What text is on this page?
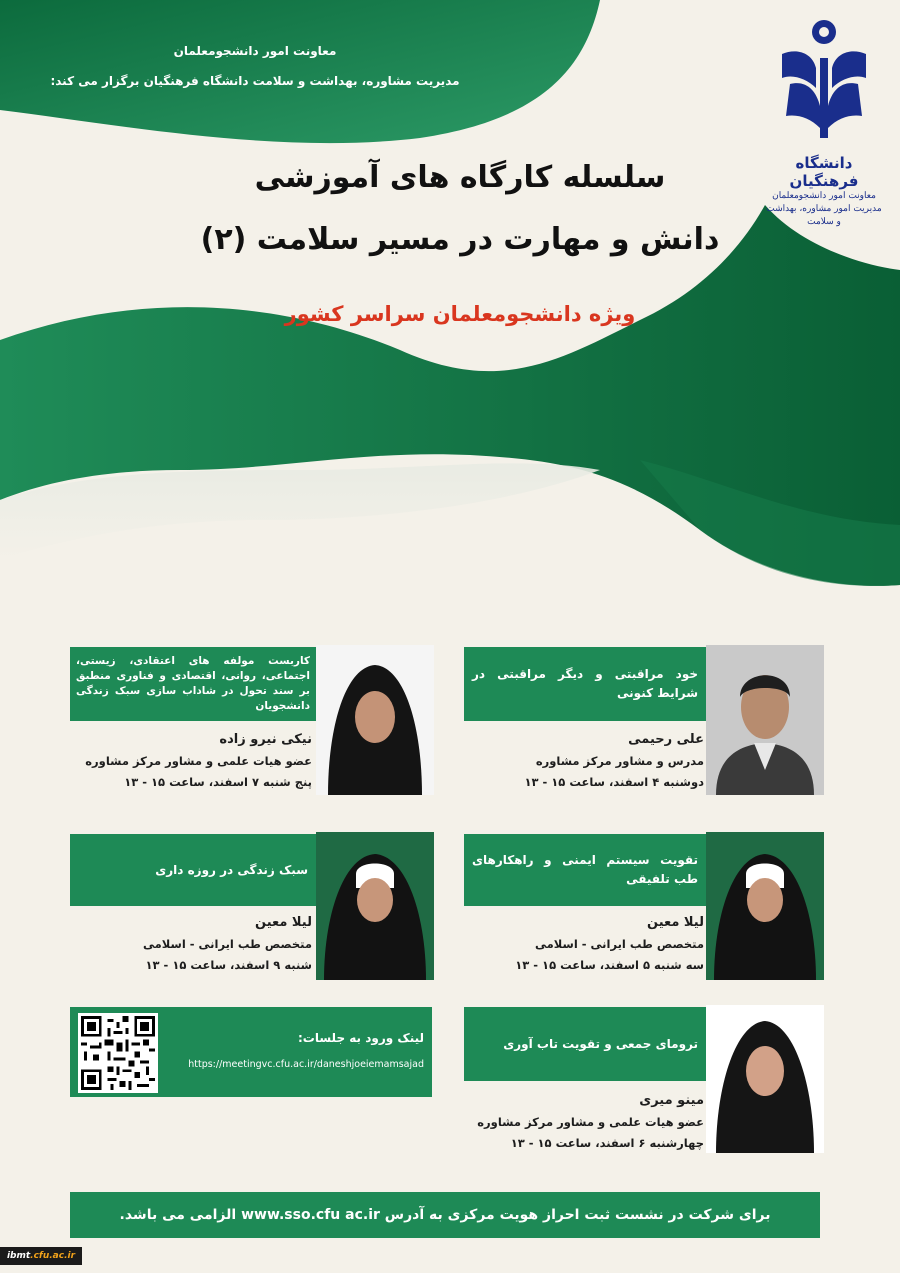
معاونت امور دانشجومعلمان
مدیریت مشاوره، بهداشت و سلامت دانشگاه فرهنگیان برگزار می کند:
دانشگاه فرهنگیان
معاونت امور دانشجومعلمان
مدیریت امور مشاوره، بهداشت و سلامت
سلسله کارگاه های آموزشی
دانش و مهارت در مسیر سلامت (۲)
ویژه دانشجومعلمان سراسر کشور
خود مراقبتی و دیگر مراقبتی در شرایط کنونی
علی رحیمی
مدرس و مشاور مرکز مشاوره
دوشنبه ۴ اسفند، ساعت ۱۵ - ۱۳
کاربست مولفه های اعتقادی، زیستی، اجتماعی، روانی، اقتصادی و فناوری منطبق بر سند تحول در شاداب سازی سبک زندگی دانشجویان
نیکی نیرو زاده
عضو هیات علمی و مشاور مرکز مشاوره
پنج شنبه ۷ اسفند، ساعت ۱۵ - ۱۳
تقویت سیستم ایمنی و راهکارهای طب تلفیقی
لیلا معین
متخصص طب ایرانی - اسلامی
سه شنبه ۵ اسفند، ساعت ۱۵ - ۱۳
سبک زندگی در روزه داری
لیلا معین
متخصص طب ایرانی - اسلامی
شنبه ۹ اسفند، ساعت ۱۵ - ۱۳
ترومای جمعی و تقویت تاب آوری
مینو میری
عضو هیات علمی و مشاور مرکز مشاوره
چهارشنبه ۶ اسفند، ساعت ۱۵ - ۱۳
لینک ورود به جلسات:
https://meetingvc.cfu.ac.ir/daneshjoeiemamsajad
برای شرکت در نشست ثبت احراز هویت مرکزی به آدرس www.sso.cfu ac.ir الزامی می باشد.
ibmt .cfu.ac.ir
